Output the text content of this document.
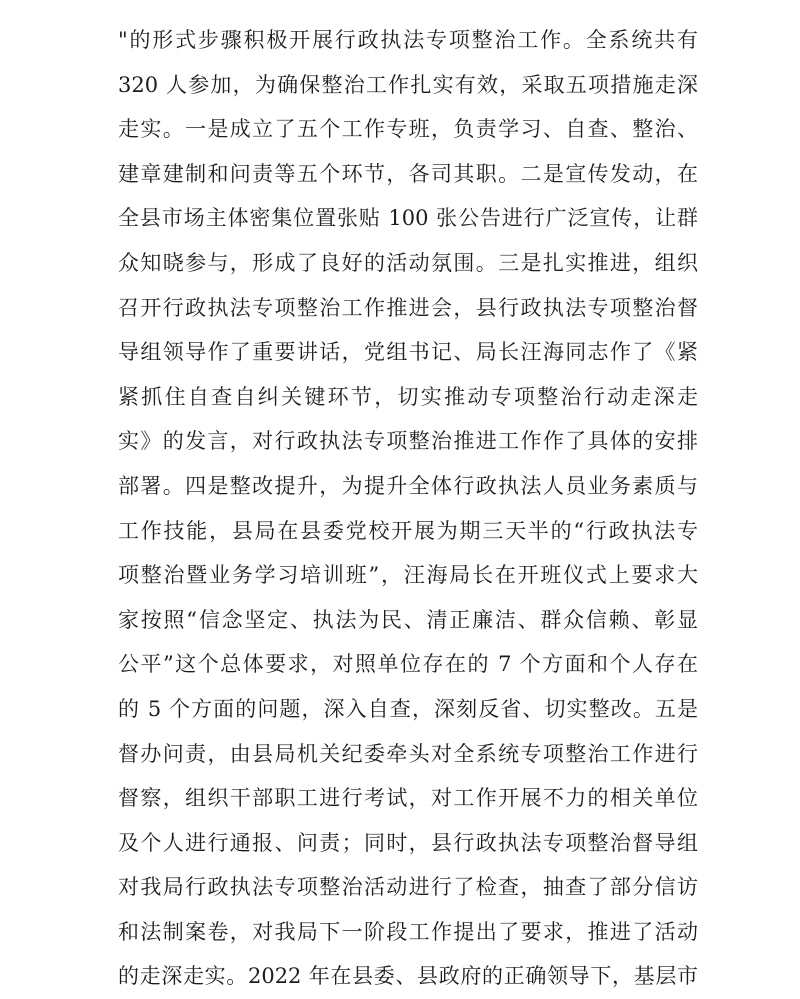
"的形式步骤积极开展行政执法专项整治工作。全系统共有
320 人参加，为确保整治工作扎实有效，采取五项措施走深
走实。一是成立了五个工作专班，负责学习、自查、整治、
建章建制和问责等五个环节，各司其职。二是宣传发动，在
全县市场主体密集位置张贴 100 张公告进行广泛宣传，让群
众知晓参与，形成了良好的活动氛围。三是扎实推进，组织
召开行政执法专项整治工作推进会，县行政执法专项整治督
导组领导作了重要讲话，党组书记、局长汪海同志作了《紧
紧抓住自查自纠关键环节，切实推动专项整治行动走深走
实》的发言，对行政执法专项整治推进工作作了具体的安排
部署。四是整改提升，为提升全体行政执法人员业务素质与
工作技能，县局在县委党校开展为期三天半的“行政执法专
项整治暨业务学习培训班”，汪海局长在开班仪式上要求大
家按照“信念坚定、执法为民、清正廉洁、群众信赖、彰显
公平”这个总体要求，对照单位存在的 7 个方面和个人存在
的 5 个方面的问题，深入自查，深刻反省、切实整改。五是
督办问责，由县局机关纪委牵头对全系统专项整治工作进行
督察，组织干部职工进行考试，对工作开展不力的相关单位
及个人进行通报、问责；同时，县行政执法专项整治督导组
对我局行政执法专项整治活动进行了检查，抽查了部分信访
和法制案卷，对我局下一阶段工作提出了要求，推进了活动
的走深走实。2022 年在县委、县政府的正确领导下，基层市
